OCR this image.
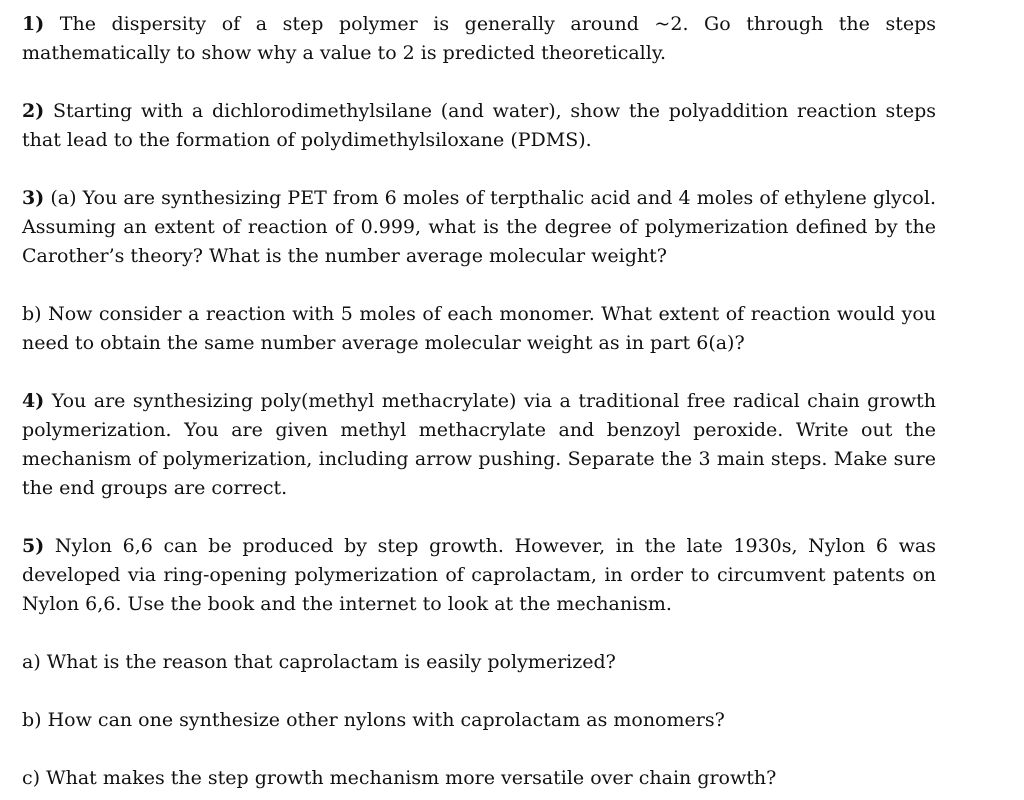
1) The dispersity of a step polymer is generally around ~2. Go through the steps mathematically to show why a value to 2 is predicted theoretically.

2) Starting with a dichlorodimethylsilane (and water), show the polyaddition reaction steps that lead to the formation of polydimethylsiloxane (PDMS).

3) (a) You are synthesizing PET from 6 moles of terpthalic acid and 4 moles of ethylene glycol. Assuming an extent of reaction of 0.999, what is the degree of polymerization defined by the Carother’s theory? What is the number average molecular weight?

b) Now consider a reaction with 5 moles of each monomer. What extent of reaction would you need to obtain the same number average molecular weight as in part 6(a)?

4) You are synthesizing poly(methyl methacrylate) via a traditional free radical chain growth polymerization. You are given methyl methacrylate and benzoyl peroxide. Write out the mechanism of polymerization, including arrow pushing. Separate the 3 main steps. Make sure the end groups are correct.

5) Nylon 6,6 can be produced by step growth. However, in the late 1930s, Nylon 6 was developed via ring-opening polymerization of caprolactam, in order to circumvent patents on Nylon 6,6. Use the book and the internet to look at the mechanism.

a) What is the reason that caprolactam is easily polymerized?

b) How can one synthesize other nylons with caprolactam as monomers?

c) What makes the step growth mechanism more versatile over chain growth?
